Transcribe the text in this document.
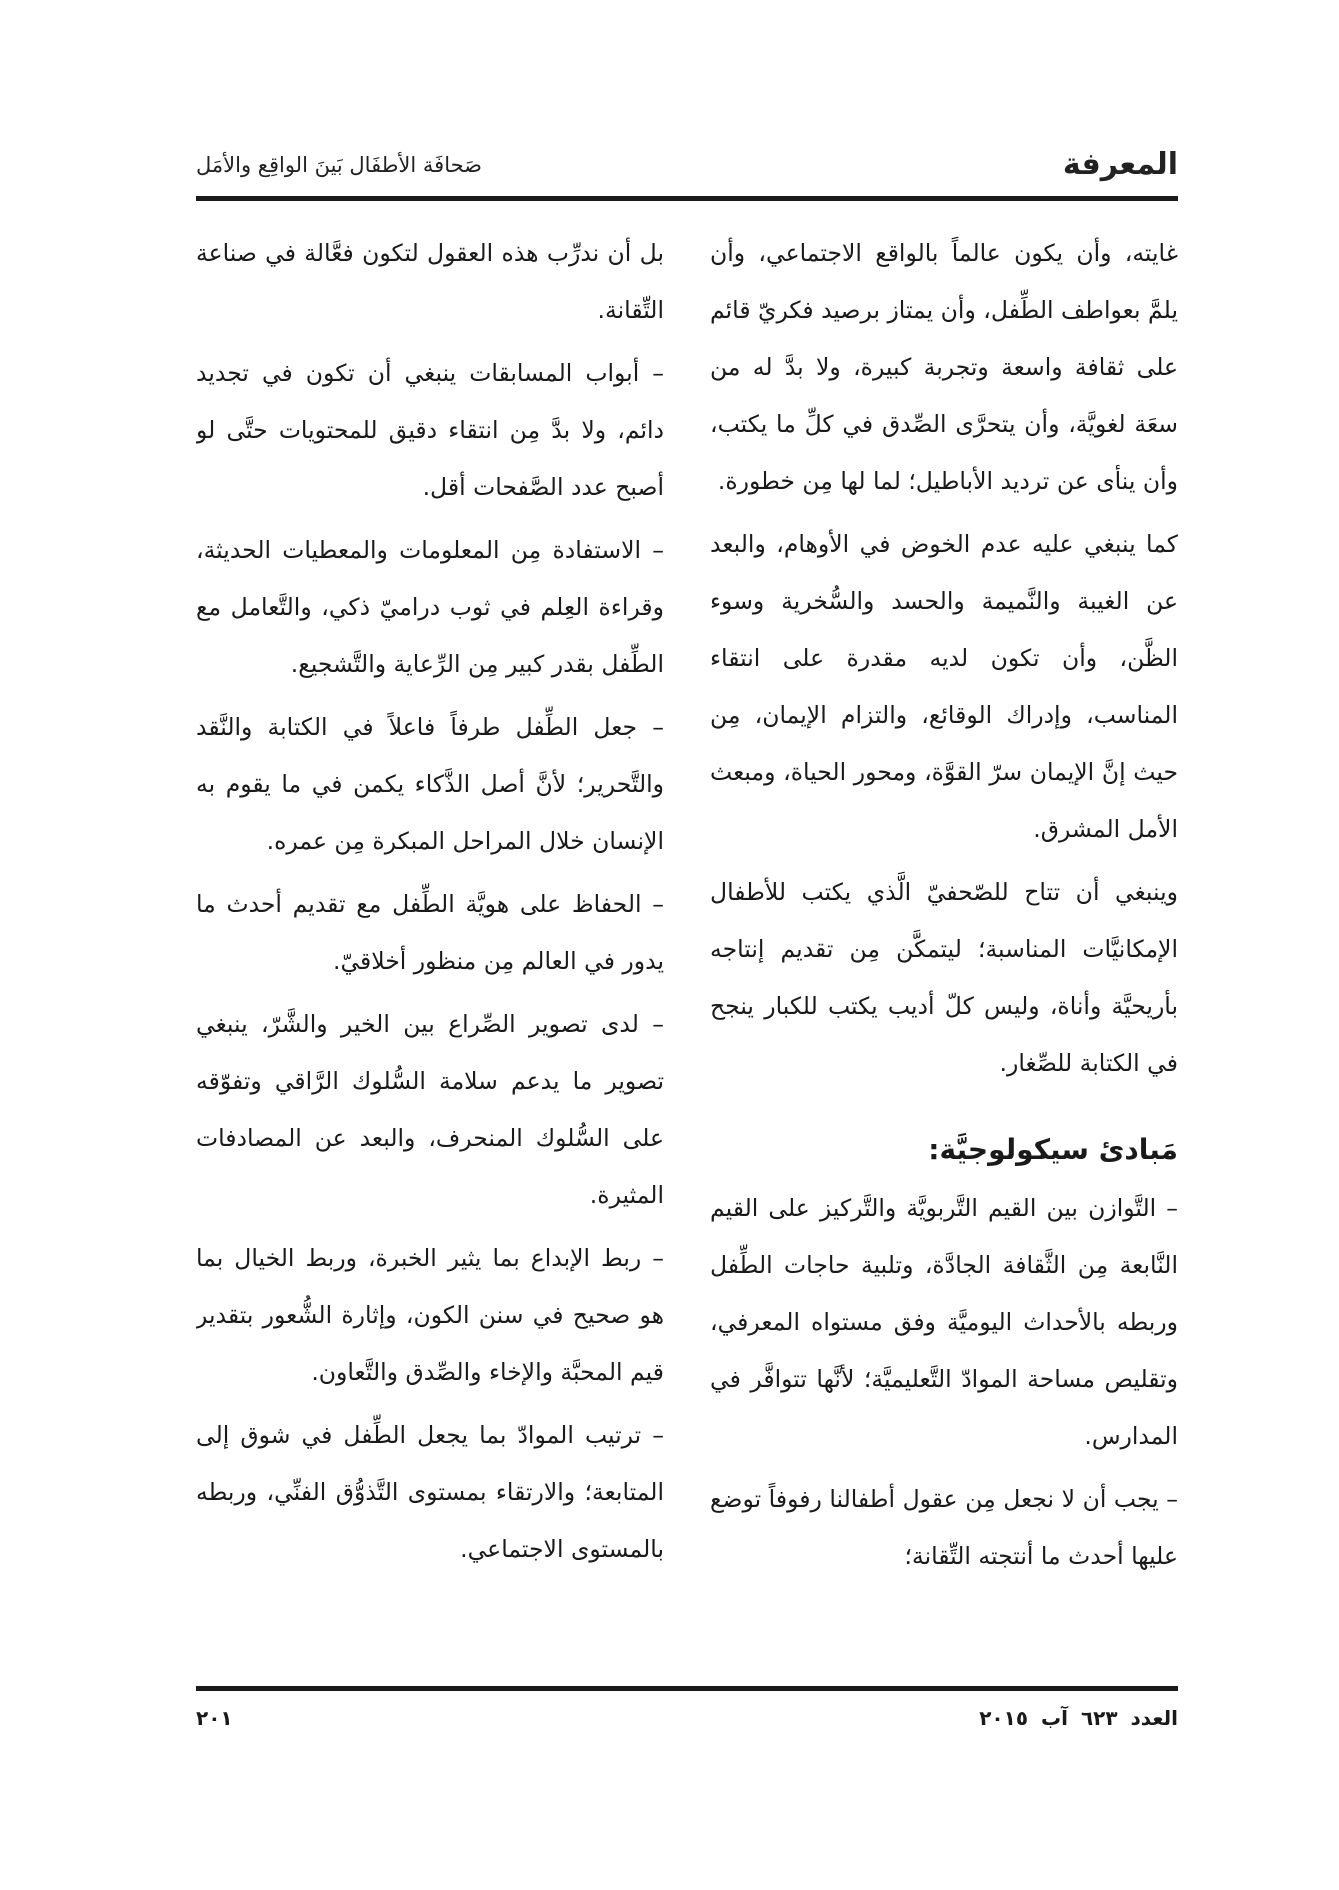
المعرفة
صَحافَة الأطفَال بَينَ الواقِع والأمَل

غايته، وأن يكون عالماً بالواقع الاجتماعي، وأن يلمَّ بعواطف الطِّفل، وأن يمتاز برصيد فكريّ قائم على ثقافة واسعة وتجربة كبيرة، ولا بدَّ له من سعَة لغويَّة، وأن يتحرَّى الصِّدق في كلِّ ما يكتب، وأن ينأى عن ترديد الأباطيل؛ لما لها مِن خطورة.

كما ينبغي عليه عدم الخوض في الأوهام، والبعد عن الغيبة والنَّميمة والحسد والسُّخرية وسوء الظَّن، وأن تكون لديه مقدرة على انتقاء المناسب، وإدراك الوقائع، والتزام الإيمان، مِن حيث إنَّ الإيمان سرّ القوَّة، ومحور الحياة، ومبعث الأمل المشرق.

وينبغي أن تتاح للصّحفيّ الَّذي يكتب للأطفال الإمكانيَّات المناسبة؛ ليتمكَّن مِن تقديم إنتاجه بأريحيَّة وأناة، وليس كلّ أديب يكتب للكبار ينجح في الكتابة للصِّغار.

مَبادئ سيكولوجيَّة:

– التَّوازن بين القيم التَّربويَّة والتَّركيز على القيم النَّابعة مِن الثَّقافة الجادَّة، وتلبية حاجات الطِّفل وربطه بالأحداث اليوميَّة وفق مستواه المعرفي، وتقليص مساحة الموادّ التَّعليميَّة؛ لأنَّها تتوافَّر في المدارس.

– يجب أن لا نجعل مِن عقول أطفالنا رفوفاً توضع عليها أحدث ما أنتجته التِّقانة؛

بل أن ندرِّب هذه العقول لتكون فعَّالة في صناعة التِّقانة.

– أبواب المسابقات ينبغي أن تكون في تجديد دائم، ولا بدَّ مِن انتقاء دقيق للمحتويات حتَّى لو أصبح عدد الصَّفحات أقل.

– الاستفادة مِن المعلومات والمعطيات الحديثة، وقراءة العِلم في ثوب دراميّ ذكي، والتَّعامل مع الطِّفل بقدر كبير مِن الرِّعاية والتَّشجيع.

– جعل الطِّفل طرفاً فاعلاً في الكتابة والنَّقد والتَّحرير؛ لأنَّ أصل الذَّكاء يكمن في ما يقوم به الإنسان خلال المراحل المبكرة مِن عمره.

– الحفاظ على هويَّة الطِّفل مع تقديم أحدث ما يدور في العالم مِن منظور أخلاقيّ.

– لدى تصوير الصِّراع بين الخير والشَّرّ، ينبغي تصوير ما يدعم سلامة السُّلوك الرَّاقي وتفوّقه على السُّلوك المنحرف، والبعد عن المصادفات المثيرة.

– ربط الإبداع بما يثير الخبرة، وربط الخيال بما هو صحيح في سنن الكون، وإثارة الشُّعور بتقدير قيم المحبَّة والإخاء والصِّدق والتَّعاون.

– ترتيب الموادّ بما يجعل الطِّفل في شوق إلى المتابعة؛ والارتقاء بمستوى التَّذوُّق الفنِّي، وربطه بالمستوى الاجتماعي.

العدد ٦٢٣ آب ٢٠١٥
٢٠١
